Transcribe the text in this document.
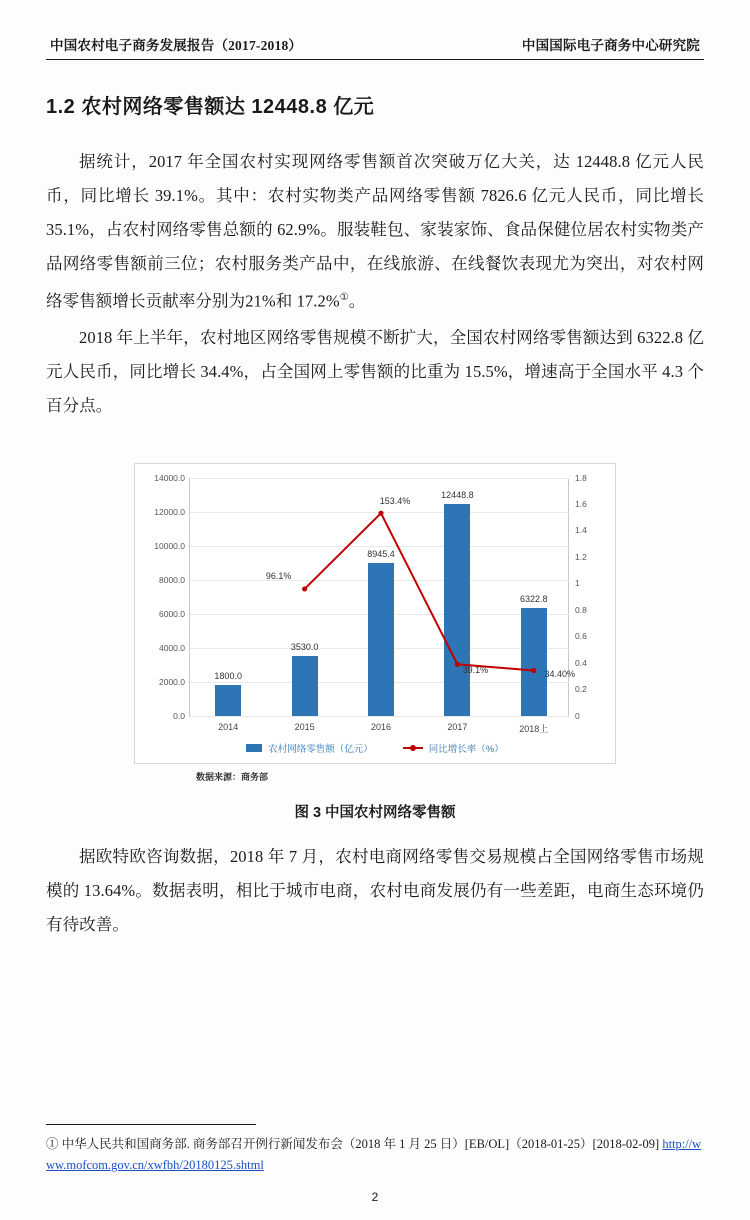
中国农村电子商务发展报告（2017-2018）	中国国际电子商务中心研究院
1.2 农村网络零售额达 12448.8 亿元

据统计，2017 年全国农村实现网络零售额首次突破万亿大关，达 12448.8 亿元人民币，同比增长 39.1%。其中：农村实物类产品网络零售额 7826.6 亿元人民币，同比增长 35.1%，占农村网络零售总额的 62.9%。服装鞋包、家装家饰、食品保健位居农村实物类产品网络零售额前三位；农村服务类产品中，在线旅游、在线餐饮表现尤为突出，对农村网络零售额增长贡献率分别为21%和 17.2%①。

2018 年上半年，农村地区网络零售规模不断扩大，全国农村网络零售额达到 6322.8 亿元人民币，同比增长 34.4%，占全国网上零售额的比重为 15.5%，增速高于全国水平 4.3 个百分点。

0.0
2000.0
4000.0
6000.0
8000.0
10000.0
12000.0
14000.0
0
0.2
0.4
0.6
0.8
1
1.2
1.4
1.6
1.8
1800.0
2014
3530.0
2015
8945.4
2016
12448.8
2017
6322.8
2018上
96.1%
153.4%
39.1%	34.40%
农村网络零售额（亿元）	同比增长率（%）
数据来源：商务部
图 3 中国农村网络零售额

据欧特欧咨询数据，2018 年 7 月，农村电商网络零售交易规模占全国网络零售市场规模的 13.64%。数据表明，相比于城市电商，农村电商发展仍有一些差距，电商生态环境仍有待改善。

① 中华人民共和国商务部. 商务部召开例行新闻发布会（2018 年 1 月 25 日）[EB/OL]（2018-01-25）[2018-02-09] http://www.mofcom.gov.cn/xwfbh/20180125.shtml
2
